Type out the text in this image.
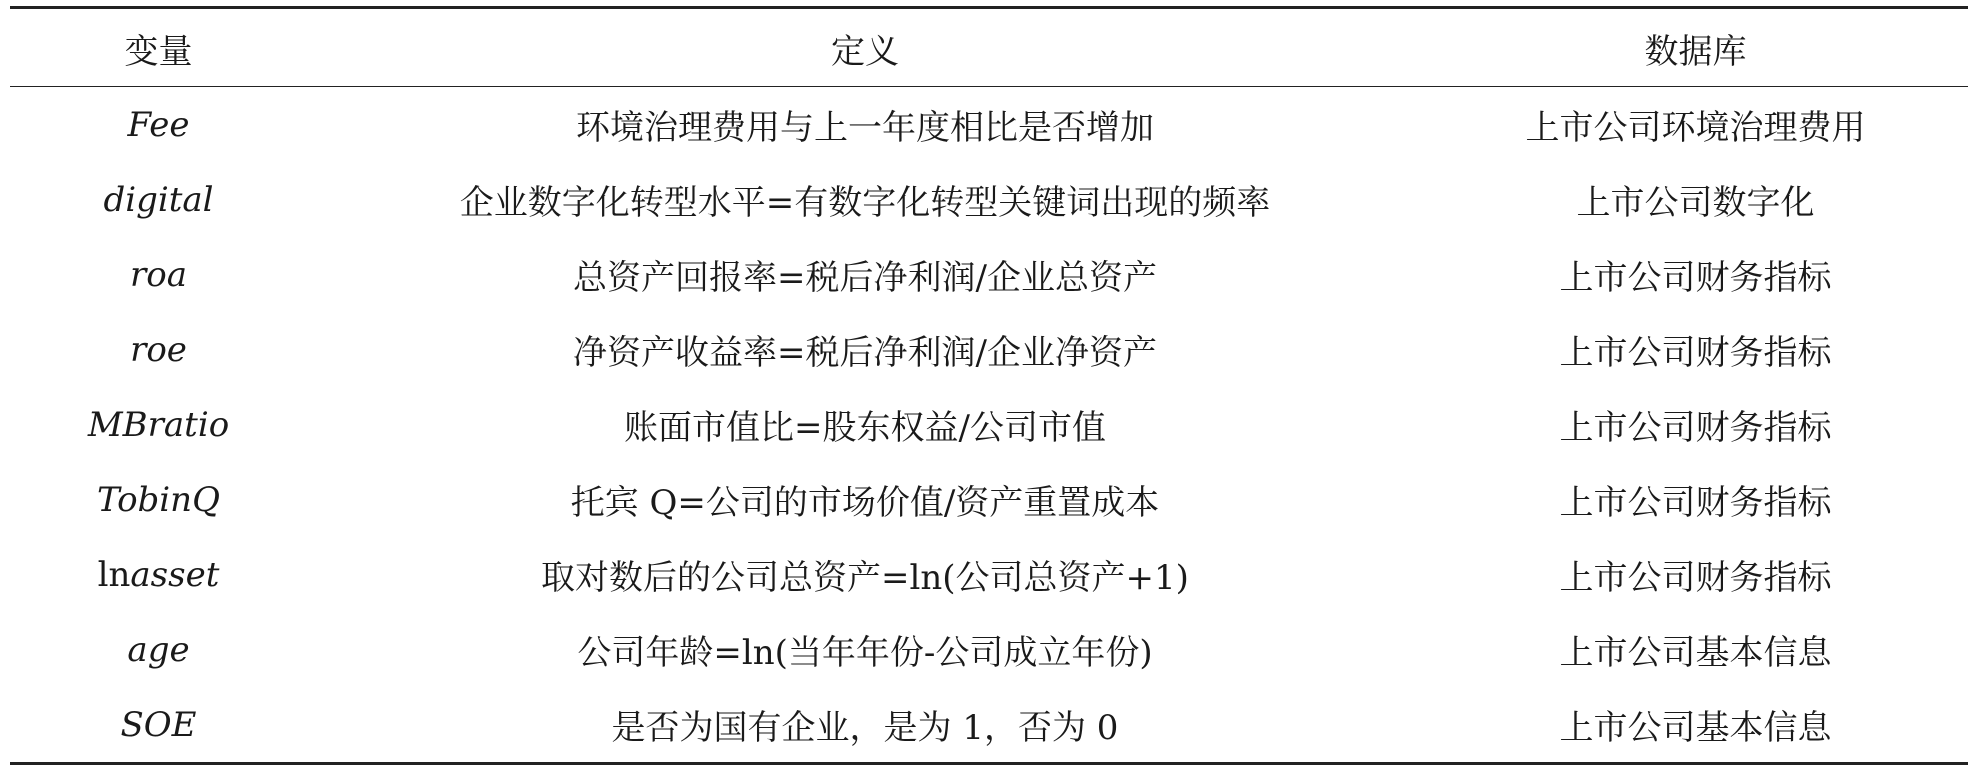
变量	定义	数据库
Fee	环境治理费用与上一年度相比是否增加	上市公司环境治理费用
digital	企业数字化转型水平=有数字化转型关键词出现的频率	上市公司数字化
roa	总资产回报率=税后净利润/企业总资产	上市公司财务指标
roe	净资产收益率=税后净利润/企业净资产	上市公司财务指标
MBratio	账面市值比=股东权益/公司市值	上市公司财务指标
TobinQ	托宾 Q=公司的市场价值/资产重置成本	上市公司财务指标
lnasset	取对数后的公司总资产=ln(公司总资产+1)	上市公司财务指标
age	公司年龄=ln(当年年份-公司成立年份)	上市公司基本信息
SOE	是否为国有企业，是为 1，否为 0	上市公司基本信息
